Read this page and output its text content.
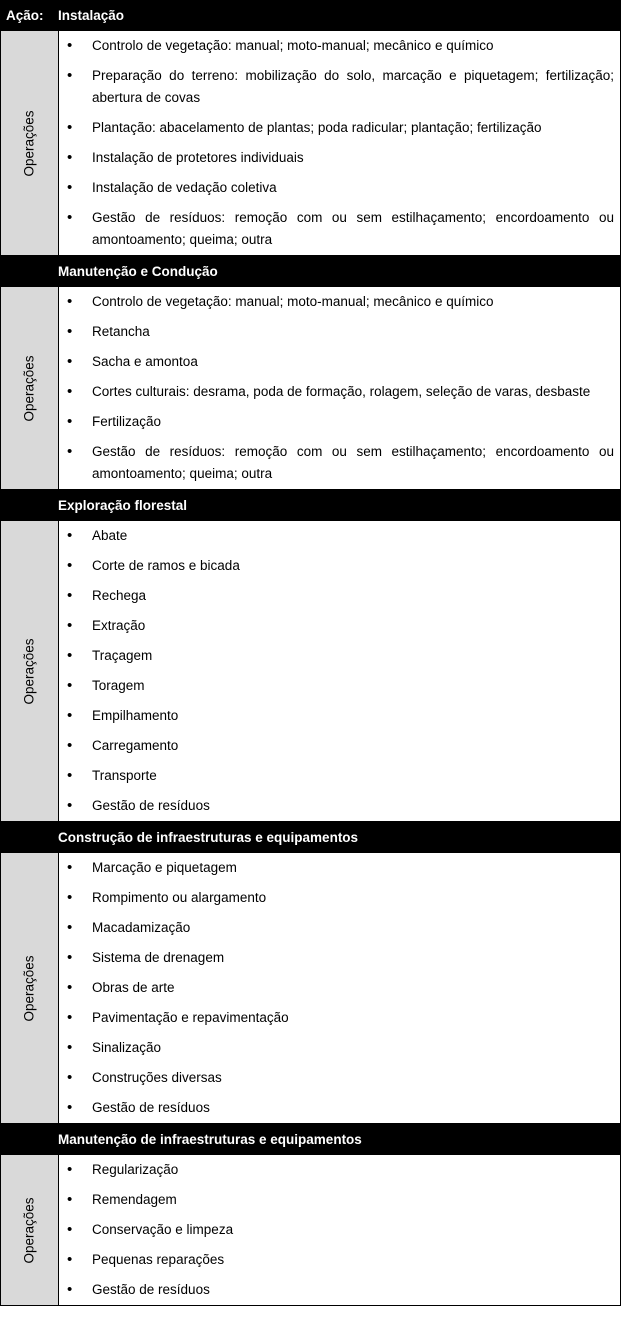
Ação: Instalação
Operações
• Controlo de vegetação: manual; moto-manual; mecânico e químico
• Preparação do terreno: mobilização do solo, marcação e piquetagem; fertilização; abertura de covas
• Plantação: abacelamento de plantas; poda radicular; plantação; fertilização
• Instalação de protetores individuais
• Instalação de vedação coletiva
• Gestão de resíduos: remoção com ou sem estilhaçamento; encordoamento ou amontoamento; queima; outra
Manutenção e Condução
Operações
• Controlo de vegetação: manual; moto-manual; mecânico e químico
• Retancha
• Sacha e amontoa
• Cortes culturais: desrama, poda de formação, rolagem, seleção de varas, desbaste
• Fertilização
• Gestão de resíduos: remoção com ou sem estilhaçamento; encordoamento ou amontoamento; queima; outra
Exploração florestal
Operações
• Abate
• Corte de ramos e bicada
• Rechega
• Extração
• Traçagem
• Toragem
• Empilhamento
• Carregamento
• Transporte
• Gestão de resíduos
Construção de infraestruturas e equipamentos
Operações
• Marcação e piquetagem
• Rompimento ou alargamento
• Macadamização
• Sistema de drenagem
• Obras de arte
• Pavimentação e repavimentação
• Sinalização
• Construções diversas
• Gestão de resíduos
Manutenção de infraestruturas e equipamentos
Operações
• Regularização
• Remendagem
• Conservação e limpeza
• Pequenas reparações
• Gestão de resíduos
